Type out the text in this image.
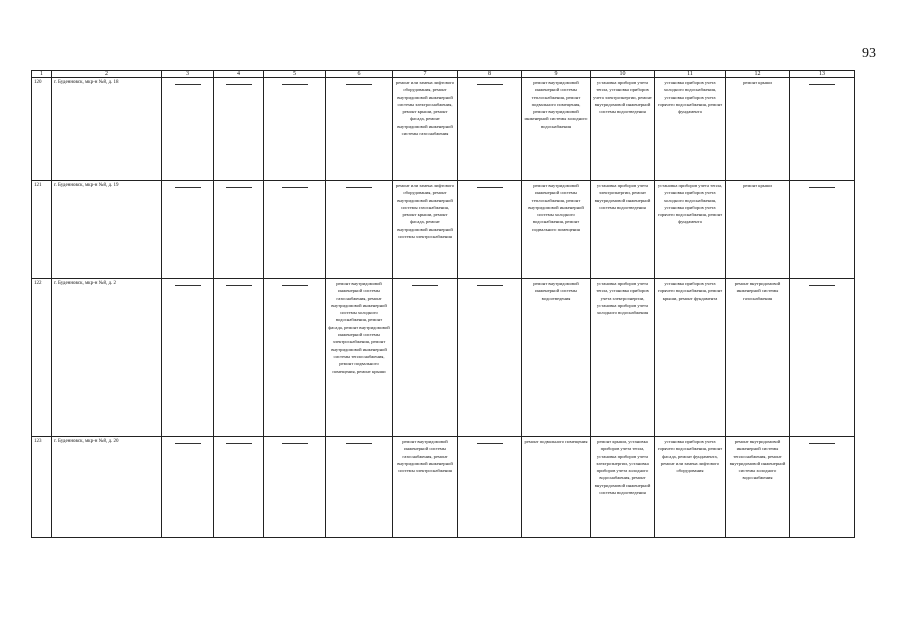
93
1	2	3	4	5	6	7	8	9	10	11	12	13
120	г. Буденновск, мкр-н №8, д. 18					ремонт или замена лифтового оборудования, ремонт внутридомовой инженерной системы электроснабжения, ремонт крыши, ремонт фасада, ремонт внутридомовой инженерной системы газоснабжения		ремонт внутридомовой инженерной системы теплоснабжения, ремонт подвального помещения, ремонт внутридомовой инженерной системы холодного водоснабжения	установка приборов учета тепла, установка приборов учета электроэнергии, ремонт внутридомовой инженерной системы водоотведения	установка приборов учета холодного водоснабжения, установка приборов учета горячего водоснабжения, ремонт фундамента	ремонт крыши	

121	г. Буденновск, мкр-н №8, д. 19					ремонт или замена лифтового оборудования, ремонт внутридомовой инженерной системы газоснабжения, ремонт крыши, ремонт фасада, ремонт внутридомовой инженерной системы электроснабжения		ремонт внутридомовой инженерной системы теплоснабжения, ремонт внутридомовой инженерной системы холодного водоснабжения, ремонт подвального помещения	установка приборов учета электроэнергии, ремонт внутридомовой инженерной системы водоотведения	установка приборов учета тепла, установка приборов учета холодного водоснабжения, установка приборов учета горячего водоснабжения, ремонт фундамента	ремонт крыши	

122	г. Буденновск, мкр-н №8, д. 2				ремонт внутридомовой инженерной системы газоснабжения, ремонт внутридомовой инженерной системы холодного водоснабжения, ремонт фасада, ремонт внутридомовой инженерной системы электроснабжения, ремонт внутридомовой инженерной системы теплоснабжения, ремонт подвального помещения, ремонт крыши			ремонт внутридомовой инженерной системы водоотведения	установка приборов учета тепла, установка приборов учета электроэнергии, установка приборов учета холодного водоснабжения	установка приборов учета горячего водоснабжения, ремонт крыши, ремонт фундамента	ремонт внутридомовой инженерной системы газоснабжения	

123	г. Буденновск, мкр-н №8, д. 20					ремонт внутридомовой инженерной системы газоснабжения, ремонт внутридомовой инженерной системы электроснабжения		ремонт подвального помещения	ремонт крыши, установка приборов учета тепла, установка приборов учета электроэнергии, установка приборов учета холодного водоснабжения, ремонт внутридомовой инженерной системы водоотведения	установка приборов учета горячего водоснабжения, ремонт фасада, ремонт фундамента, ремонт или замена лифтового оборудования	ремонт внутридомовой инженерной системы теплоснабжения, ремонт внутридомовой инженерной системы холодного водоснабжения	
